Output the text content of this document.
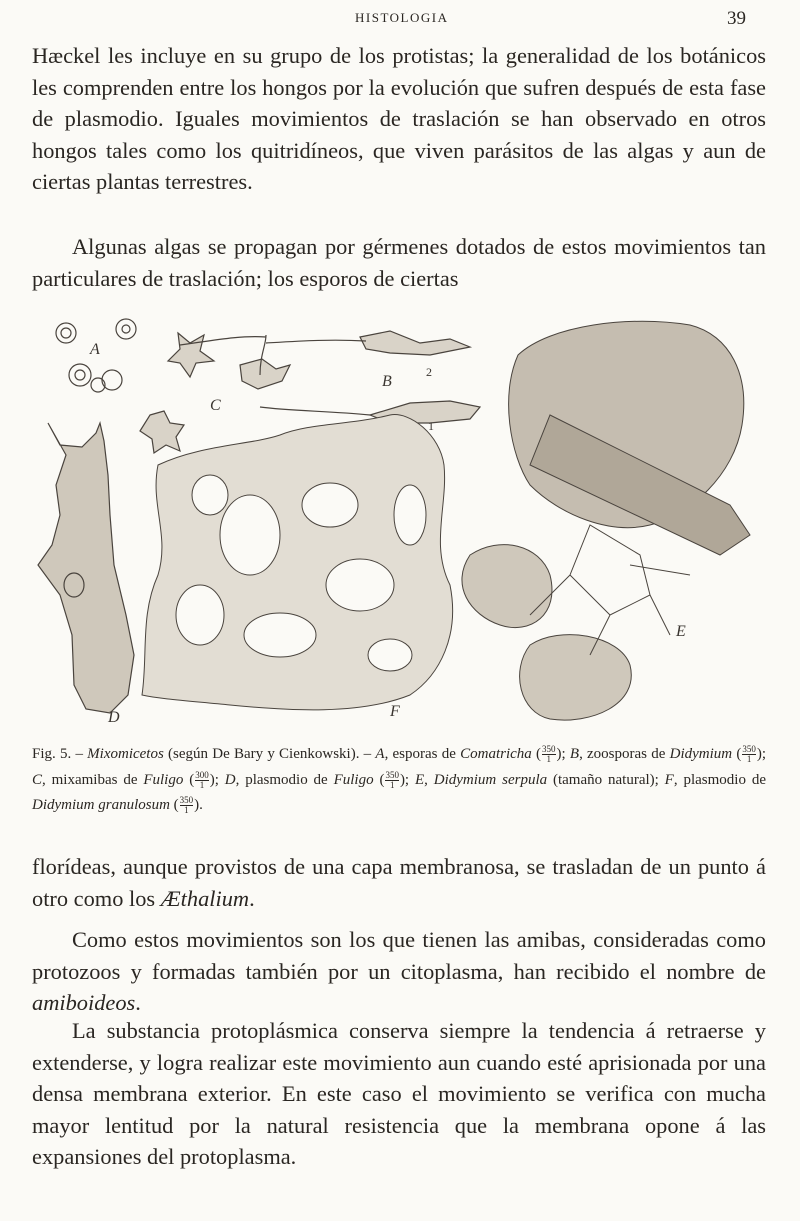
HISTOLOGIA	39

Hæckel les incluye en su grupo de los protistas; la generalidad de los botánicos les comprenden entre los hongos por la evolución que sufren después de esta fase de plasmodio. Iguales movimientos de traslación se han observado en otros hongos tales como los quitridíneos, que viven parásitos de las algas y aun de ciertas plantas terrestres.

Algunas algas se propagan por gérmenes dotados de estos movimientos tan particulares de traslación; los esporos de ciertas

A
B
2
C
1
D
E
F

Fig. 5. – Mixomicetos (según De Bary y Cienkowski). – A, esporas de Comatricha ( $\frac{350}{1}$ ); B, zoosporas de Didymium ( $\frac{350}{1}$ ); C, mixamibas de Fuligo ( $\frac{300}{1}$ ); D, plasmodio de Fuligo ( $\frac{350}{1}$ ); E, Didymium serpula (tamaño natural); F, plasmodio de Didymium granulosum ( $\frac{350}{1}$ ).

florídeas, aunque provistos de una capa membranosa, se trasladan de un punto á otro como los Æthalium.

Como estos movimientos son los que tienen las amibas, consideradas como protozoos y formadas también por un citoplasma, han recibido el nombre de amiboideos.

La substancia protoplásmica conserva siempre la tendencia á retraerse y extenderse, y logra realizar este movimiento aun cuando esté aprisionada por una densa membrana exterior. En este caso el movimiento se verifica con mucha mayor lentitud por la natural resistencia que la membrana opone á las expansiones del protoplasma.
